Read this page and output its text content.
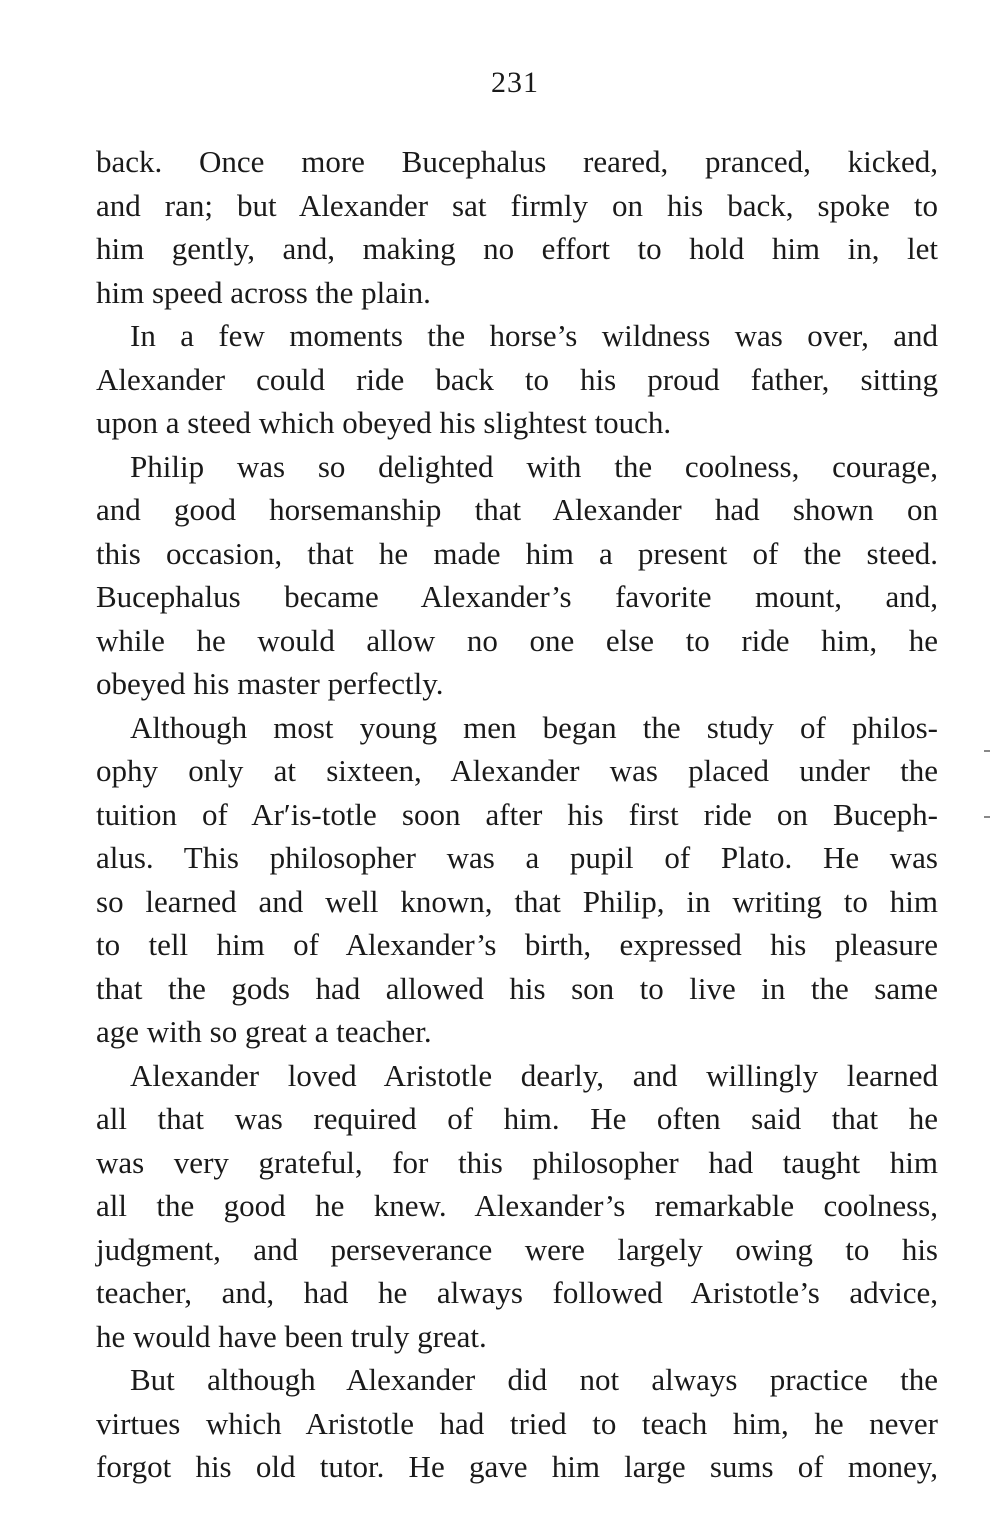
231
back. Once more Bucephalus reared, pranced, kicked,
and ran; but Alexander sat firmly on his back, spoke to
him gently, and, making no effort to hold him in, let
him speed across the plain.
In a few moments the horse’s wildness was over, and
Alexander could ride back to his proud father, sitting
upon a steed which obeyed his slightest touch.
Philip was so delighted with the coolness, courage,
and good horsemanship that Alexander had shown on
this occasion, that he made him a present of the steed.
Bucephalus became Alexander’s favorite mount, and,
while he would allow no one else to ride him, he
obeyed his master perfectly.
Although most young men began the study of philos-
ophy only at sixteen, Alexander was placed under the
tuition of Ar′is-totle soon after his first ride on Buceph-
alus. This philosopher was a pupil of Plato. He was
so learned and well known, that Philip, in writing to him
to tell him of Alexander’s birth, expressed his pleasure
that the gods had allowed his son to live in the same
age with so great a teacher.
Alexander loved Aristotle dearly, and willingly learned
all that was required of him. He often said that he
was very grateful, for this philosopher had taught him
all the good he knew. Alexander’s remarkable coolness,
judgment, and perseverance were largely owing to his
teacher, and, had he always followed Aristotle’s advice,
he would have been truly great.
But although Alexander did not always practice the
virtues which Aristotle had tried to teach him, he never
forgot his old tutor. He gave him large sums of money,
